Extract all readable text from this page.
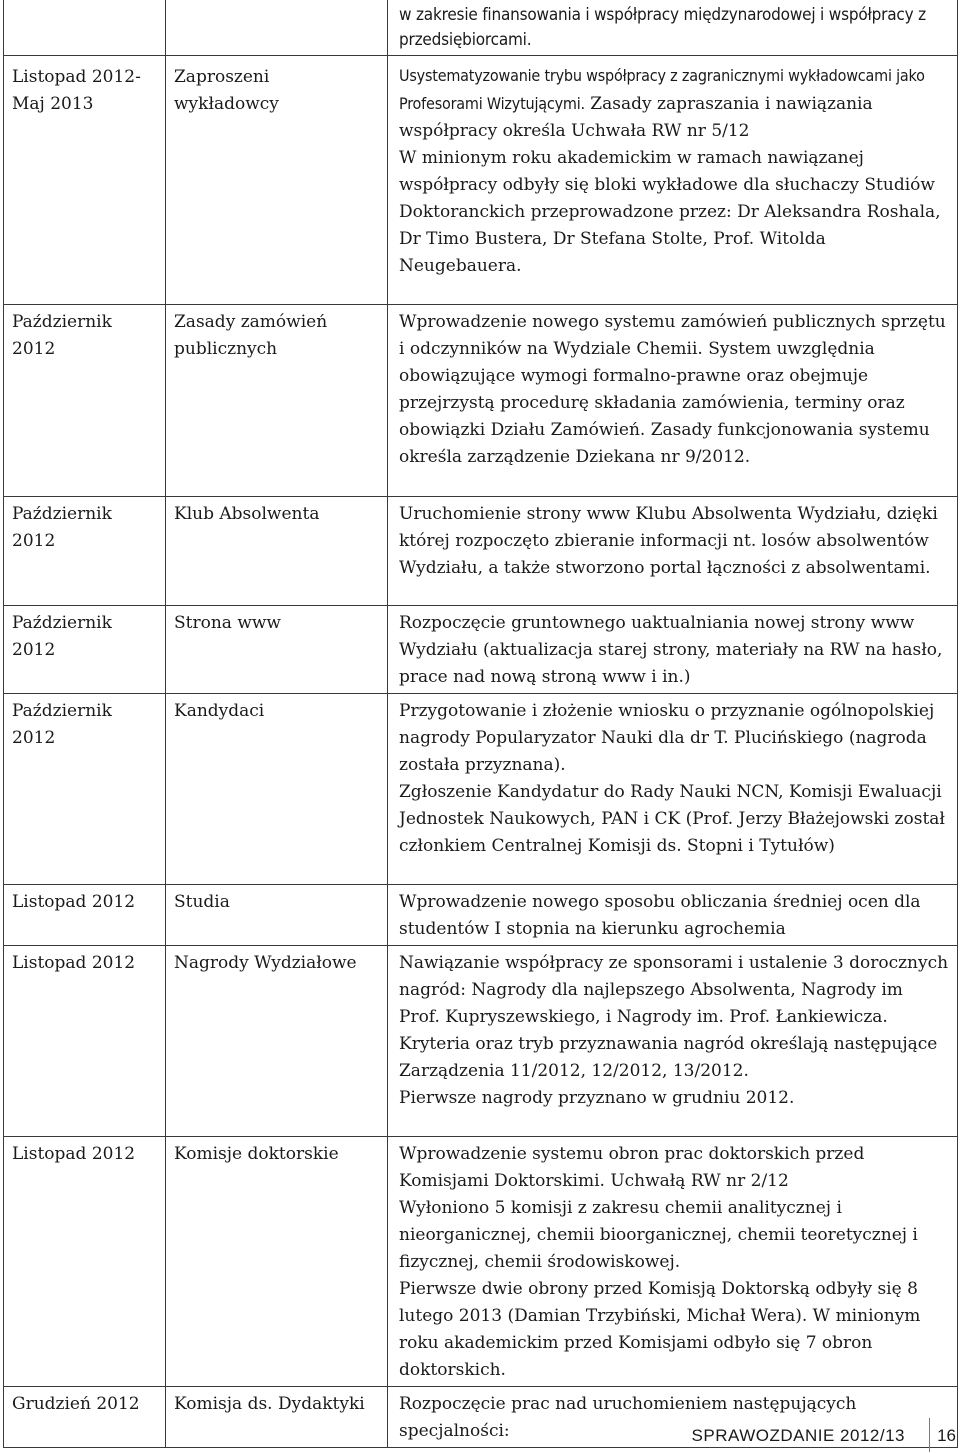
		w zakresie finansowania i współpracy międzynarodowej i współpracy z przedsiębiorcami.

Listopad 2012- Maj 2013	Zaproszeni wykładowcy	Usystematyzowanie trybu współpracy z zagranicznymi wykładowcami jako Profesorami Wizytującymi. Zasady zapraszania i nawiązania współpracy określa Uchwała RW nr 5/12
W minionym roku akademickim w ramach nawiązanej współpracy odbyły się bloki wykładowe dla słuchaczy Studiów Doktoranckich przeprowadzone przez: Dr Aleksandra Roshala, Dr Timo Bustera, Dr Stefana Stolte, Prof. Witolda Neugebauera.

Październik 2012	Zasady zamówień publicznych	Wprowadzenie nowego systemu zamówień publicznych sprzętu i odczynników na Wydziale Chemii. System uwzględnia obowiązujące wymogi formalno-prawne oraz obejmuje przejrzystą procedurę składania zamówienia, terminy oraz obowiązki Działu Zamówień. Zasady funkcjonowania systemu określa zarządzenie Dziekana nr 9/2012.

Październik 2012	Klub Absolwenta	Uruchomienie strony www Klubu Absolwenta Wydziału, dzięki której rozpoczęto zbieranie informacji nt. losów absolwentów Wydziału, a także stworzono portal łączności z absolwentami.

Październik 2012	Strona www	Rozpoczęcie gruntownego uaktualniania nowej strony www Wydziału (aktualizacja starej strony, materiały na RW na hasło, prace nad nową stroną www i in.)

Październik 2012	Kandydaci	Przygotowanie i złożenie wniosku o przyznanie ogólnopolskiej nagrody Popularyzator Nauki dla dr T. Plucińskiego (nagroda została przyznana).
Zgłoszenie Kandydatur do Rady Nauki NCN, Komisji Ewaluacji Jednostek Naukowych, PAN i CK (Prof. Jerzy Błażejowski został członkiem Centralnej Komisji ds. Stopni i Tytułów)

Listopad 2012	Studia	Wprowadzenie nowego sposobu obliczania średniej ocen dla studentów I stopnia na kierunku agrochemia

Listopad 2012	Nagrody Wydziałowe	Nawiązanie współpracy ze sponsorami i ustalenie 3 dorocznych nagród: Nagrody dla najlepszego Absolwenta, Nagrody im Prof. Kupryszewskiego, i Nagrody im. Prof. Łankiewicza. Kryteria oraz tryb przyznawania nagród określają następujące Zarządzenia 11/2012, 12/2012, 13/2012.
Pierwsze nagrody przyznano w grudniu 2012.

Listopad 2012	Komisje doktorskie	Wprowadzenie systemu obron prac doktorskich przed Komisjami Doktorskimi. Uchwałą RW nr 2/12
Wyłoniono 5 komisji z zakresu chemii analitycznej i nieorganicznej, chemii bioorganicznej, chemii teoretycznej i fizycznej, chemii środowiskowej.
Pierwsze dwie obrony przed Komisją Doktorską odbyły się 8 lutego 2013 (Damian Trzybiński, Michał Wera). W minionym roku akademickim przed Komisjami odbyło się 7 obron doktorskich.

Grudzień 2012	Komisja ds. Dydaktyki	Rozpoczęcie prac nad uruchomieniem następujących specjalności:	SPRAWOZDANIE 2012/13 16
